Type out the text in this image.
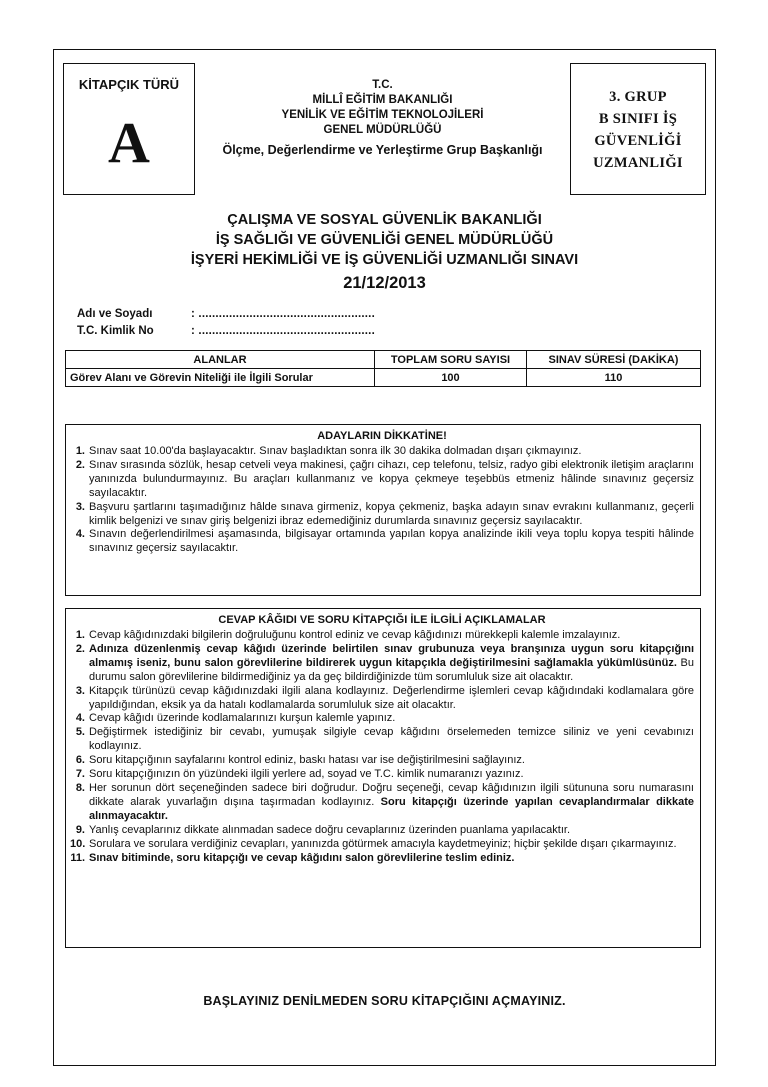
KİTAPÇIK TÜRÜ
A
T.C.
MİLLÎ EĞİTİM BAKANLIĞI
YENİLİK VE EĞİTİM TEKNOLOJİLERİ
GENEL MÜDÜRLÜĞÜ
Ölçme, Değerlendirme ve Yerleştirme Grup Başkanlığı
3. GRUP
B SINIFI İŞ
GÜVENLİĞİ
UZMANLIĞI
ÇALIŞMA VE SOSYAL GÜVENLİK BAKANLIĞI
İŞ SAĞLIĞI VE GÜVENLİĞİ GENEL MÜDÜRLÜĞÜ
İŞYERİ HEKİMLİĞİ VE İŞ GÜVENLİĞİ UZMANLIĞI SINAVI
21/12/2013
Adı ve Soyadı	: ....................................................
T.C. Kimlik No	: ....................................................
ALANLAR	TOPLAM SORU SAYISI	SINAV SÜRESİ (DAKİKA)
Görev Alanı ve Görevin Niteliği ile İlgili Sorular	100	110
ADAYLARIN DİKKATİNE!
1. Sınav saat 10.00'da başlayacaktır. Sınav başladıktan sonra ilk 30 dakika dolmadan dışarı çıkmayınız.
2. Sınav sırasında sözlük, hesap cetveli veya makinesi, çağrı cihazı, cep telefonu, telsiz, radyo gibi elektronik iletişim araçlarını yanınızda bulundurmayınız. Bu araçları kullanmanız ve kopya çekmeye teşebbüs etmeniz hâlinde sınavınız geçersiz sayılacaktır.
3. Başvuru şartlarını taşımadığınız hâlde sınava girmeniz, kopya çekmeniz, başka adayın sınav evrakını kullanmanız, geçerli kimlik belgenizi ve sınav giriş belgenizi ibraz edemediğiniz durumlarda sınavınız geçersiz sayılacaktır.
4. Sınavın değerlendirilmesi aşamasında, bilgisayar ortamında yapılan kopya analizinde ikili veya toplu kopya tespiti hâlinde sınavınız geçersiz sayılacaktır.
CEVAP KÂĞIDI VE SORU KİTAPÇIĞI İLE İLGİLİ AÇIKLAMALAR
1. Cevap kâğıdınızdaki bilgilerin doğruluğunu kontrol ediniz ve cevap kâğıdınızı mürekkepli kalemle imzalayınız.
2. Adınıza düzenlenmiş cevap kâğıdı üzerinde belirtilen sınav grubunuza veya branşınıza uygun soru kitapçığını almamış iseniz, bunu salon görevlilerine bildirerek uygun kitapçıkla değiştirilmesini sağlamakla yükümlüsünüz. Bu durumu salon görevlilerine bildirmediğiniz ya da geç bildirdiğinizde tüm sorumluluk size ait olacaktır.
3. Kitapçık türünüzü cevap kâğıdınızdaki ilgili alana kodlayınız. Değerlendirme işlemleri cevap kâğıdındaki kodlamalara göre yapıldığından, eksik ya da hatalı kodlamalarda sorumluluk size ait olacaktır.
4. Cevap kâğıdı üzerinde kodlamalarınızı kurşun kalemle yapınız.
5. Değiştirmek istediğiniz bir cevabı, yumuşak silgiyle cevap kâğıdını örselemeden temizce siliniz ve yeni cevabınızı kodlayınız.
6. Soru kitapçığının sayfalarını kontrol ediniz, baskı hatası var ise değiştirilmesini sağlayınız.
7. Soru kitapçığınızın ön yüzündeki ilgili yerlere ad, soyad ve T.C. kimlik numaranızı yazınız.
8. Her sorunun dört seçeneğinden sadece biri doğrudur. Doğru seçeneği, cevap kâğıdınızın ilgili sütununa soru numarasını dikkate alarak yuvarlağın dışına taşırmadan kodlayınız. Soru kitapçığı üzerinde yapılan cevaplandırmalar dikkate alınmayacaktır.
9. Yanlış cevaplarınız dikkate alınmadan sadece doğru cevaplarınız üzerinden puanlama yapılacaktır.
10. Sorulara ve sorulara verdiğiniz cevapları, yanınızda götürmek amacıyla kaydetmeyiniz; hiçbir şekilde dışarı çıkarmayınız.
11. Sınav bitiminde, soru kitapçığı ve cevap kâğıdını salon görevlilerine teslim ediniz.
BAŞLAYINIZ DENİLMEDEN SORU KİTAPÇIĞINI AÇMAYINIZ.
